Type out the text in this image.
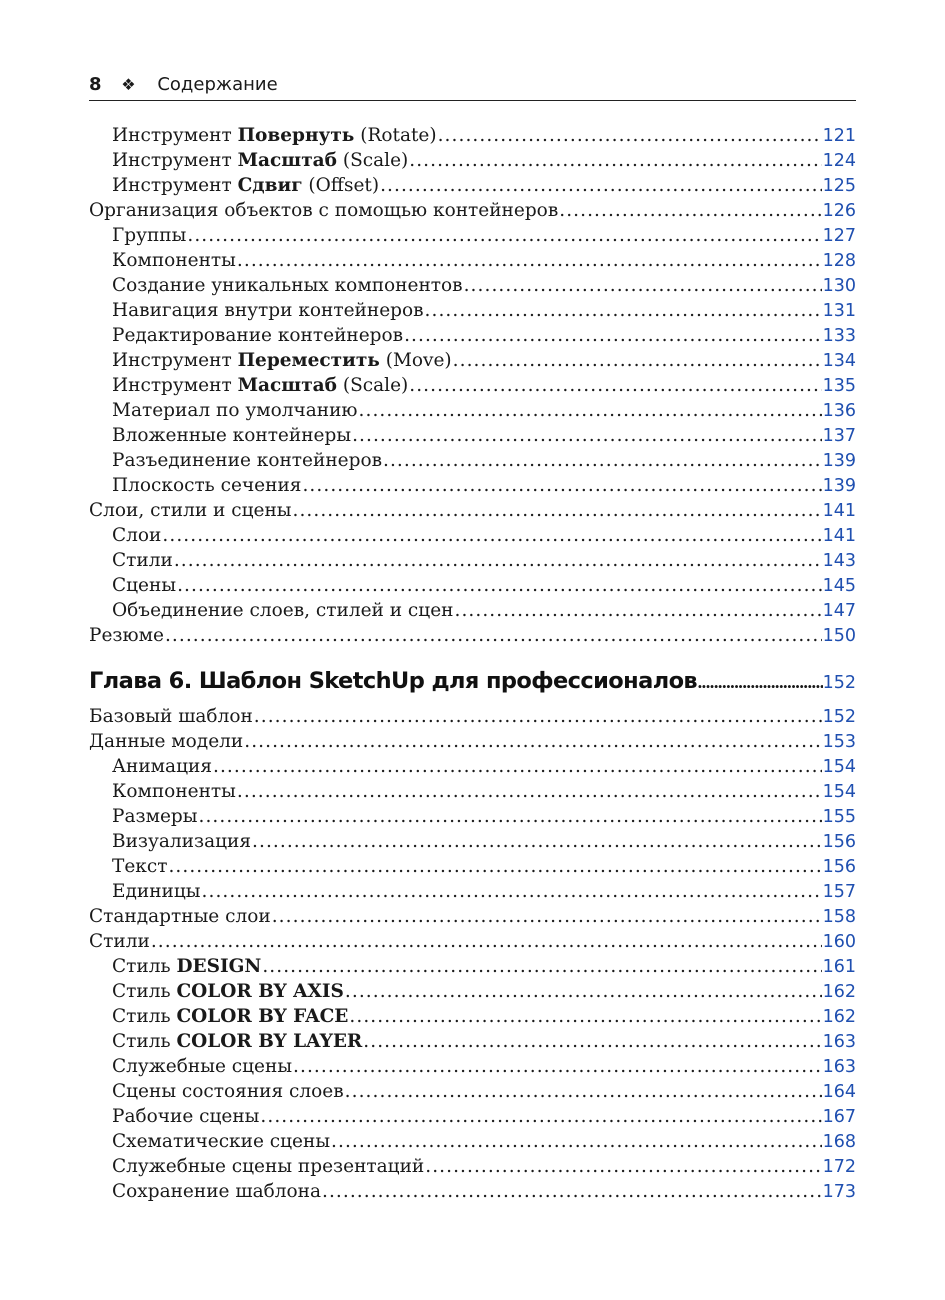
8 ❖ Содержание
Инструмент Повернуть (Rotate) . . .	121
Инструмент Масштаб (Scale) . . .	124
Инструмент Сдвиг (Offset) . . .	125
Организация объектов с помощью контейнеров . . .	126
Группы . . .	127
Компоненты . . .	128
Создание уникальных компонентов . . .	130
Навигация внутри контейнеров . . .	131
Редактирование контейнеров . . .	133
Инструмент Переместить (Move) . . .	134
Инструмент Масштаб (Scale) . . .	135
Материал по умолчанию . . .	136
Вложенные контейнеры . . .	137
Разъединение контейнеров . . .	139
Плоскость сечения . . .	139
Слои, стили и сцены . . .	141
Слои . . .	141
Стили . . .	143
Сцены . . .	145
Объединение слоев, стилей и сцен . . .	147
Резюме . . .	150
Глава 6. Шаблон SketchUp для профессионалов .....	152
Базовый шаблон . . .	152
Данные модели . . .	153
Анимация . . .	154
Компоненты . . .	154
Размеры . . .	155
Визуализация . . .	156
Текст . . .	156
Единицы . . .	157
Стандартные слои . . .	158
Стили . . .	160
Стиль DESIGN . . .	161
Стиль COLOR BY AXIS . . .	162
Стиль COLOR BY FACE . . .	162
Стиль COLOR BY LAYER . . .	163
Служебные сцены . . .	163
Сцены состояния слоев . . .	164
Рабочие сцены . . .	167
Схематические сцены . . .	168
Служебные сцены презентаций . . .	172
Сохранение шаблона . . .	173
